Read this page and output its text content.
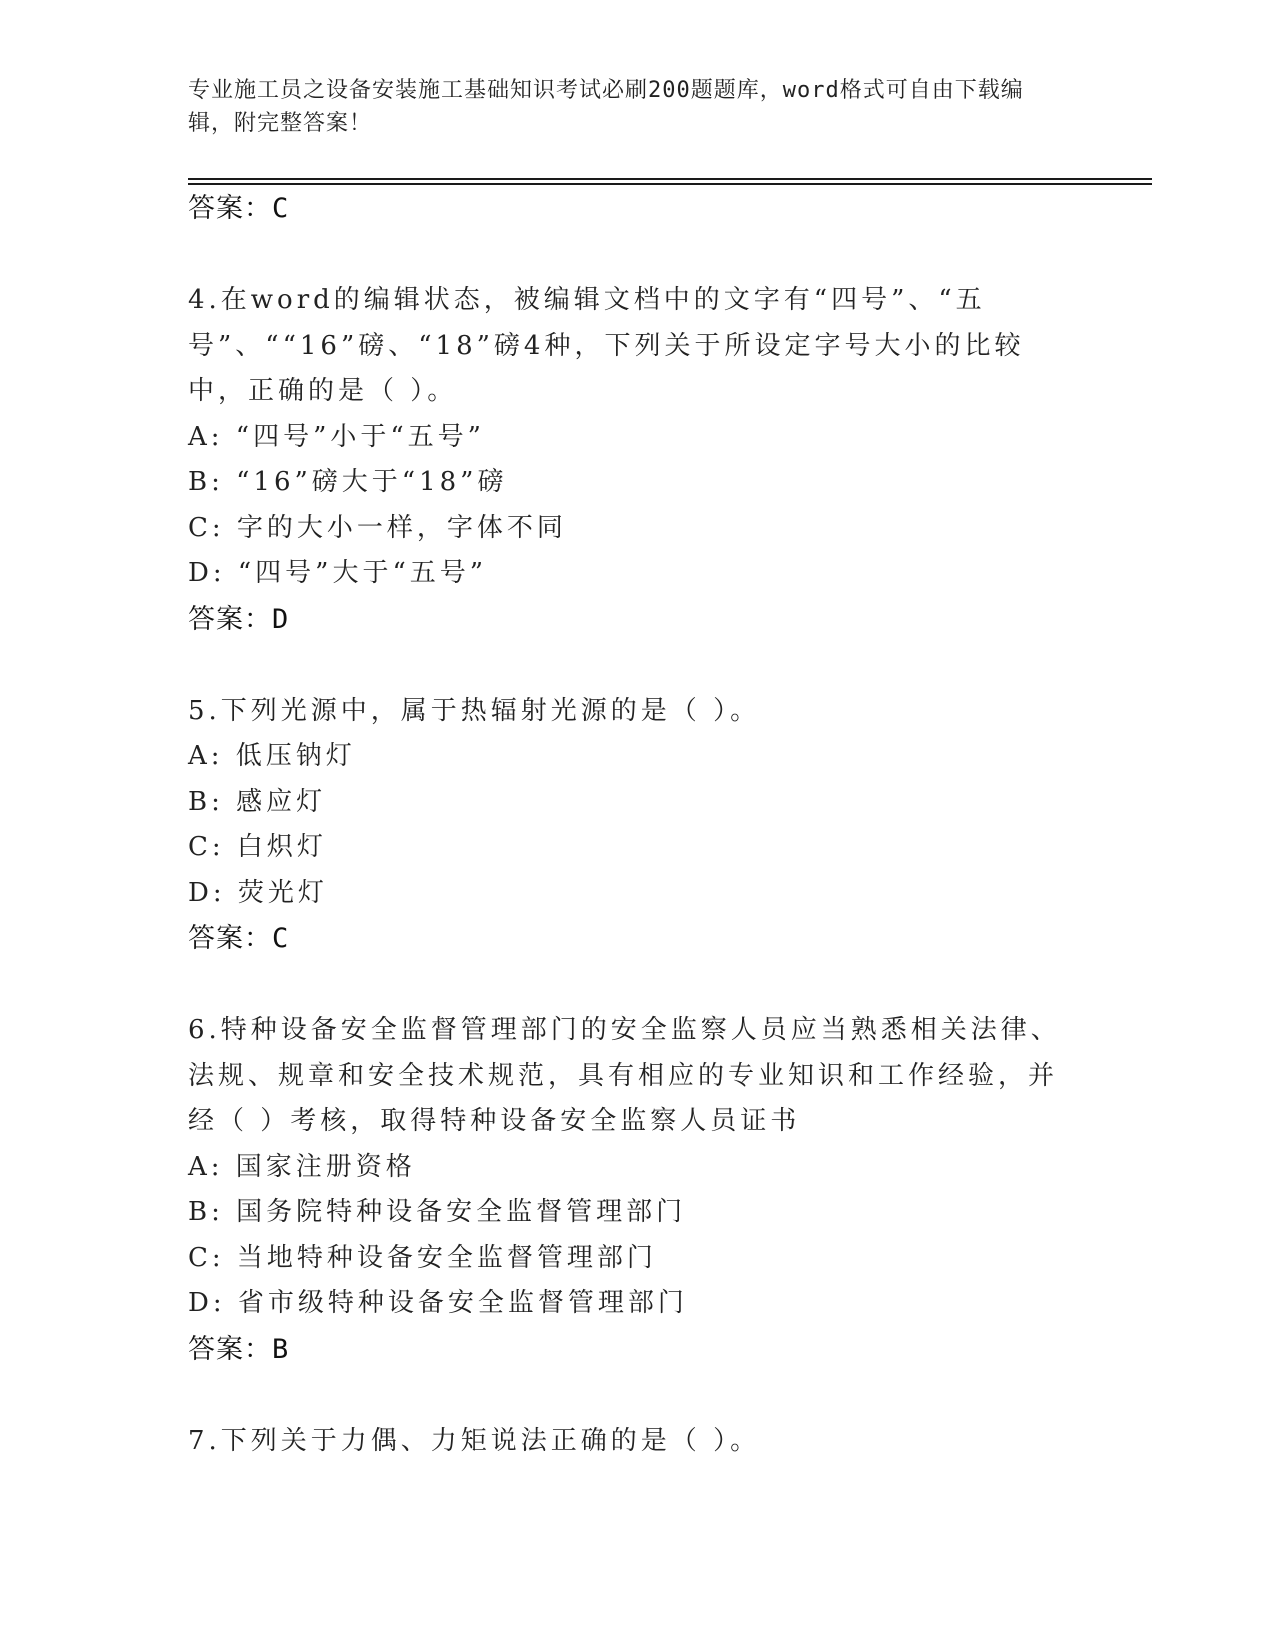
专业施工员之设备安装施工基础知识考试必刷200题题库，word格式可自由下载编辑，附完整答案！
答案：C
4.在word的编辑状态，被编辑文档中的文字有“四号”、“五号”、““16”磅、“18”磅4种，下列关于所设定字号大小的比较中，正确的是（ ）。
A: “四号”小于“五号”
B: “16”磅大于“18”磅
C: 字的大小一样，字体不同
D: “四号”大于“五号”
答案：D
5.下列光源中，属于热辐射光源的是（ ）。
A: 低压钠灯
B: 感应灯
C: 白炽灯
D: 荧光灯
答案：C
6.特种设备安全监督管理部门的安全监察人员应当熟悉相关法律、法规、规章和安全技术规范，具有相应的专业知识和工作经验，并经（ ）考核，取得特种设备安全监察人员证书
A: 国家注册资格
B: 国务院特种设备安全监督管理部门
C: 当地特种设备安全监督管理部门
D: 省市级特种设备安全监督管理部门
答案：B
7.下列关于力偶、力矩说法正确的是（ ）。
